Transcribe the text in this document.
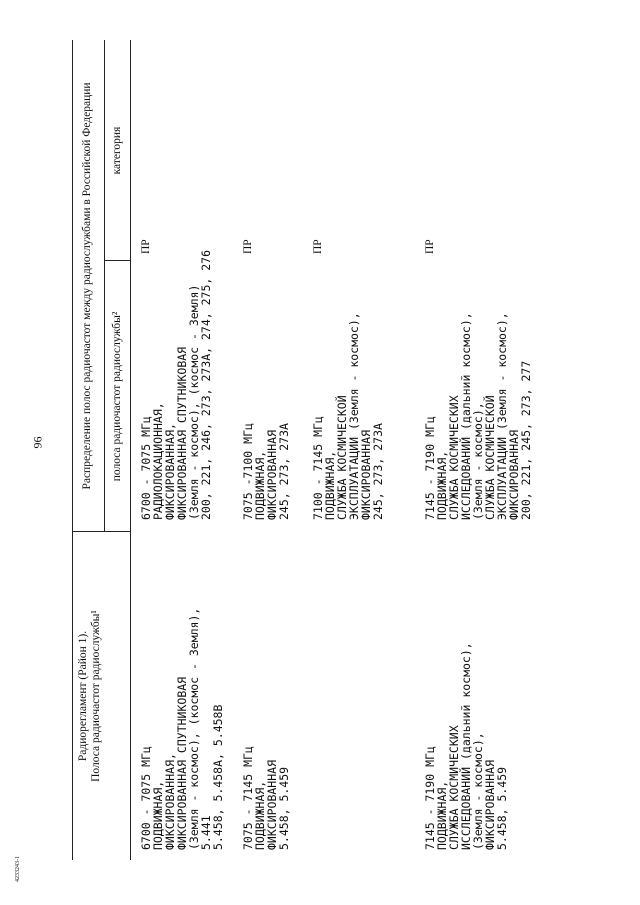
96
4233243-1
Радиорегламент (Район 1). Полоса радиочастот радиослужбы¹
Распределение полос радиочастот между радиослужбами в Российской Федерации полоса радиочастот радиослужбы²
категория
6700 - 7075 МГц
ПОДВИЖНАЯ,
ФИКСИРОВАННАЯ,
ФИКСИРОВАННАЯ СПУТНИКОВАЯ
(Земля - космос), (космос - Земля),
5.441
5.458, 5.458A, 5.458B
6700 - 7075 МГц
РАДИОЛОКАЦИОННАЯ,
ФИКСИРОВАННАЯ,
ФИКСИРОВАННАЯ СПУТНИКОВАЯ
(Земля - космос), (космос - Земля)
200, 221, 246, 273, 273А, 274, 275, 276
ПР
7075 - 7145 МГц
ПОДВИЖНАЯ,
ФИКСИРОВАННАЯ
5.458, 5.459
7075 -7100 МГц
ПОДВИЖНАЯ,
ФИКСИРОВАННАЯ
245, 273, 273А
ПР
7100 - 7145 МГц
ПОДВИЖНАЯ,
СЛУЖБА КОСМИЧЕСКОЙ
ЭКСПЛУАТАЦИИ (Земля - космос),
ФИКСИРОВАННАЯ
245, 273, 273А
ПР
7145 - 7190 МГц
ПОДВИЖНАЯ,
СЛУЖБА КОСМИЧЕСКИХ
ИССЛЕДОВАНИЙ (дальний космос),
(Земля - космос),
ФИКСИРОВАННАЯ
5.458, 5.459
7145 - 7190 МГц
ПОДВИЖНАЯ,
СЛУЖБА КОСМИЧЕСКИХ
ИССЛЕДОВАНИЙ (дальний космос),
(Земля - космос),
СЛУЖБА КОСМИЧЕСКОЙ
ЭКСПЛУАТАЦИИ (Земля - космос),
ФИКСИРОВАННАЯ
200, 221, 245, 273, 277
ПР
